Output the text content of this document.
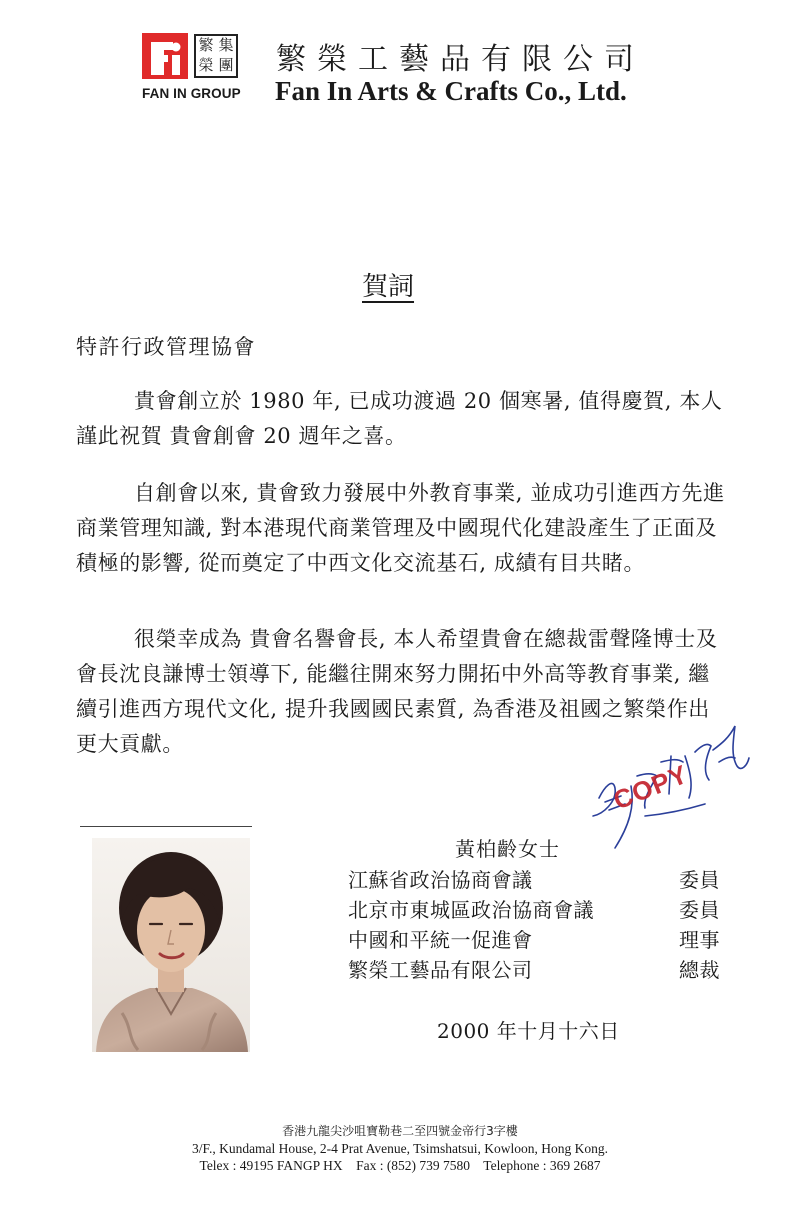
繁 集
榮 團
FAN IN GROUP
繁榮工藝品有限公司
Fan In Arts & Crafts Co., Ltd.
賀詞
特許行政管理協會

貴會創立於 1980 年, 已成功渡過 20 個寒暑, 值得慶賀, 本人謹此祝賀 貴會創會 20 週年之喜。

自創會以來, 貴會致力發展中外教育事業, 並成功引進西方先進商業管理知識, 對本港現代商業管理及中國現代化建設產生了正面及積極的影響, 從而奠定了中西文化交流基石, 成績有目共睹。

很榮幸成為 貴會名譽會長, 本人希望貴會在總裁雷聲隆博士及會長沈良謙博士領導下, 能繼往開來努力開拓中外高等教育事業, 繼續引進西方現代文化, 提升我國國民素質, 為香港及祖國之繁榮作出更大貢獻。

COPY
黃柏齡女士
江蘇省政治協商會議	委員
北京市東城區政治協商會議	委員
中國和平統一促進會	理事
繁榮工藝品有限公司	總裁
2000 年十月十六日
香港九龍尖沙咀寶勒巷二至四號金帝行3字樓
3/F., Kundamal House, 2-4 Prat Avenue, Tsimshatsui, Kowloon, Hong Kong.
Telex : 49195 FANGP HX    Fax : (852) 739 7580    Telephone : 369 2687
